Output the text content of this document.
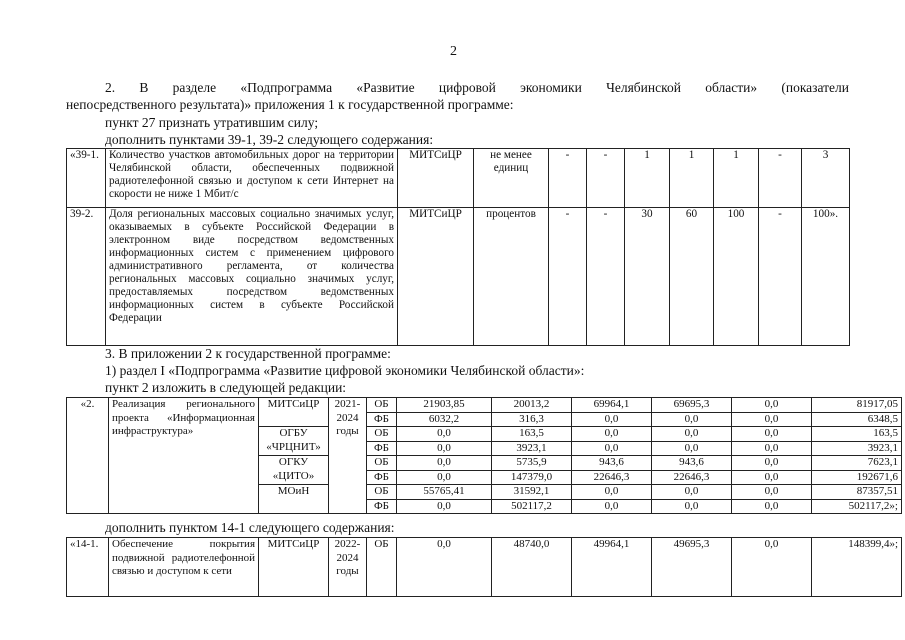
2
2. В разделе «Подпрограмма «Развитие цифровой экономики Челябинской области» (показатели
непосредственного результата)» приложения 1 к государственной программе:
пункт 27 признать утратившим силу;
дополнить пунктами 39-1, 39-2 следующего содержания:
«39-1.	Количество участков автомобильных дорог на территории Челябинской области, обеспеченных подвижной радиотелефонной связью и доступом к сети Интернет на скорости не ниже 1 Мбит/с	МИТСиЦР	не менее единиц	-	-	1	1	1	-	3
39-2.	Доля региональных массовых социально значимых услуг, оказываемых в субъекте Российской Федерации в электронном виде посредством ведомственных информационных систем с применением цифрового административного регламента, от количества региональных массовых социально значимых услуг, предоставляемых посредством ведомственных информационных систем в субъекте Российской Федерации	МИТСиЦР	процентов	-	-	30	60	100	-	100».
3. В приложении 2 к государственной программе:
1) раздел I «Подпрограмма «Развитие цифровой экономики Челябинской области»:
пункт 2 изложить в следующей редакции:
«2.	Реализация регионального проекта «Информационная инфраструктура»	МИТСиЦР	2021-2024 годы	ОБ	21903,85	20013,2	69964,1	69695,3	0,0	81917,05
				ФБ	6032,2	316,3	0,0	0,0	0,0	6348,5
		ОГБУ «ЧРЦНИТ»		ОБ	0,0	163,5	0,0	0,0	0,0	163,5
				ФБ	0,0	3923,1	0,0	0,0	0,0	3923,1
		ОГКУ «ЦИТО»		ОБ	0,0	5735,9	943,6	943,6	0,0	7623,1
				ФБ	0,0	147379,0	22646,3	22646,3	0,0	192671,6
		МОиН		ОБ	55765,41	31592,1	0,0	0,0	0,0	87357,51
				ФБ	0,0	502117,2	0,0	0,0	0,0	502117,2»;
дополнить пунктом 14-1 следующего содержания:
«14-1.	Обеспечение покрытия подвижной радиотелефонной связью и доступом к сети	МИТСиЦР	2022-2024 годы	ОБ	0,0	48740,0	49964,1	49695,3	0,0	148399,4»;
